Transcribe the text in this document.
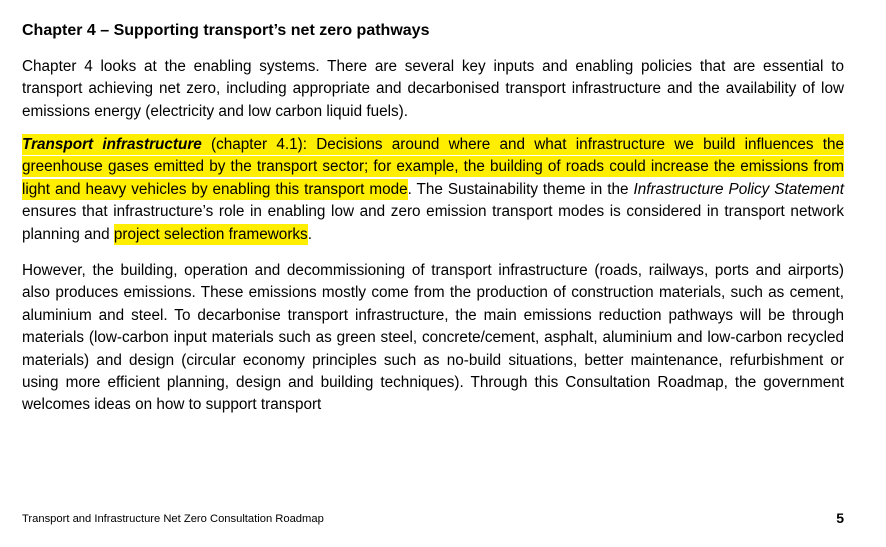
Chapter 4 – Supporting transport’s net zero pathways

Chapter 4 looks at the enabling systems. There are several key inputs and enabling policies that are essential to transport achieving net zero, including appropriate and decarbonised transport infrastructure and the availability of low emissions energy (electricity and low carbon liquid fuels).

Transport infrastructure (chapter 4.1): Decisions around where and what infrastructure we build influences the greenhouse gases emitted by the transport sector; for example, the building of roads could increase the emissions from light and heavy vehicles by enabling this transport mode. The Sustainability theme in the Infrastructure Policy Statement ensures that infrastructure’s role in enabling low and zero emission transport modes is considered in transport network planning and project selection frameworks.

However, the building, operation and decommissioning of transport infrastructure (roads, railways, ports and airports) also produces emissions. These emissions mostly come from the production of construction materials, such as cement, aluminium and steel. To decarbonise transport infrastructure, the main emissions reduction pathways will be through materials (low-carbon input materials such as green steel, concrete/cement, asphalt, aluminium and low-carbon recycled materials) and design (circular economy principles such as no-build situations, better maintenance, refurbishment or using more efficient planning, design and building techniques). Through this Consultation Roadmap, the government welcomes ideas on how to support transport

Transport and Infrastructure Net Zero Consultation Roadmap	5
